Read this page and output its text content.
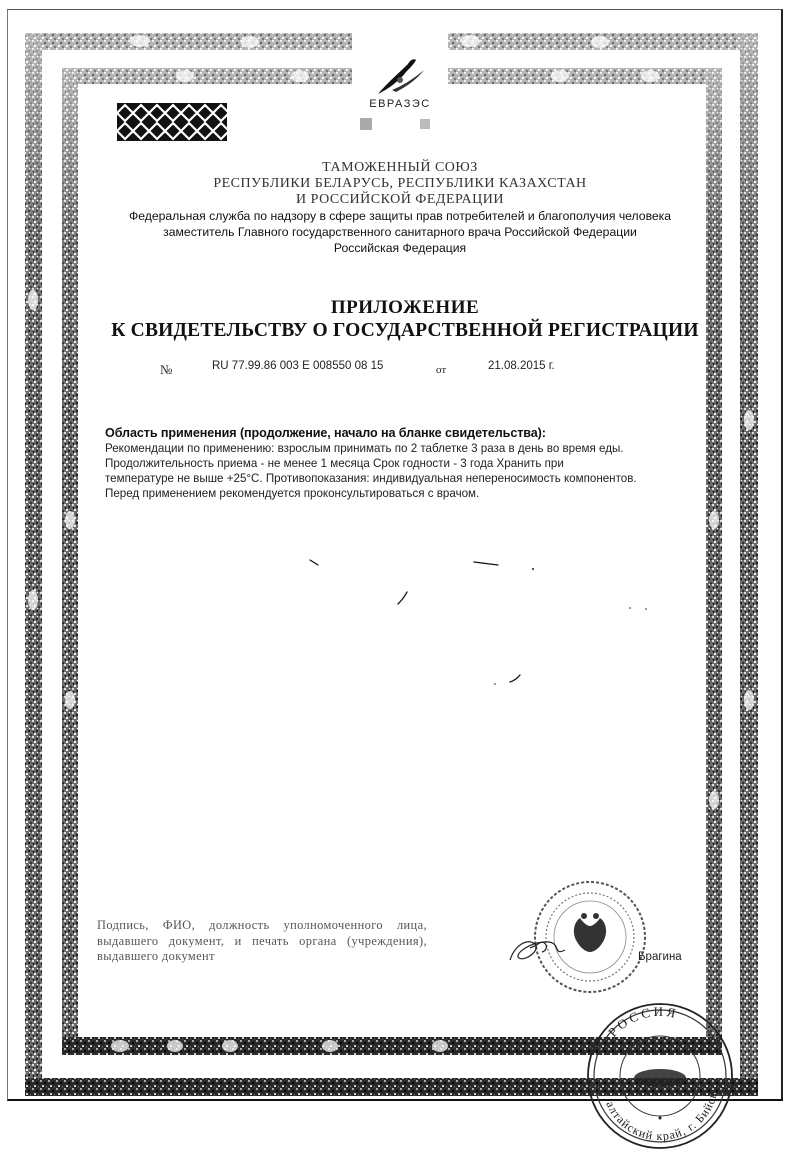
ЕВРАЗЭС
ТАМОЖЕННЫЙ СОЮЗ
РЕСПУБЛИКИ БЕЛАРУСЬ, РЕСПУБЛИКИ КАЗАХСТАН
И РОССИЙСКОЙ ФЕДЕРАЦИИ
Федеральная служба по надзору в сфере защиты прав потребителей и благополучия человека
заместитель Главного государственного санитарного врача Российской Федерации
Российская Федерация
ПРИЛОЖЕНИЕ
К СВИДЕТЕЛЬСТВУ О ГОСУДАРСТВЕННОЙ РЕГИСТРАЦИИ
№	RU 77.99.86 003 Е 008550 08 15	от	21.08.2015 г.
Область применения (продолжение, начало на бланке свидетельства):
Рекомендации по применению: взрослым принимать по 2 таблетке 3 раза в день во время еды.
Продолжительность приема - не менее 1 месяца Срок годности - 3 года Хранить при
температуре не выше +25°С. Противопоказания: индивидуальная непереносимость компонентов.
Перед применением рекомендуется проконсультироваться с врачом.
Подпись, ФИО, должность уполномоченного лица, выдавшего документ, и печать органа (учреждения), выдавшего документ	Брагина
РОССИЯ
алтайский край, г. Бийск
